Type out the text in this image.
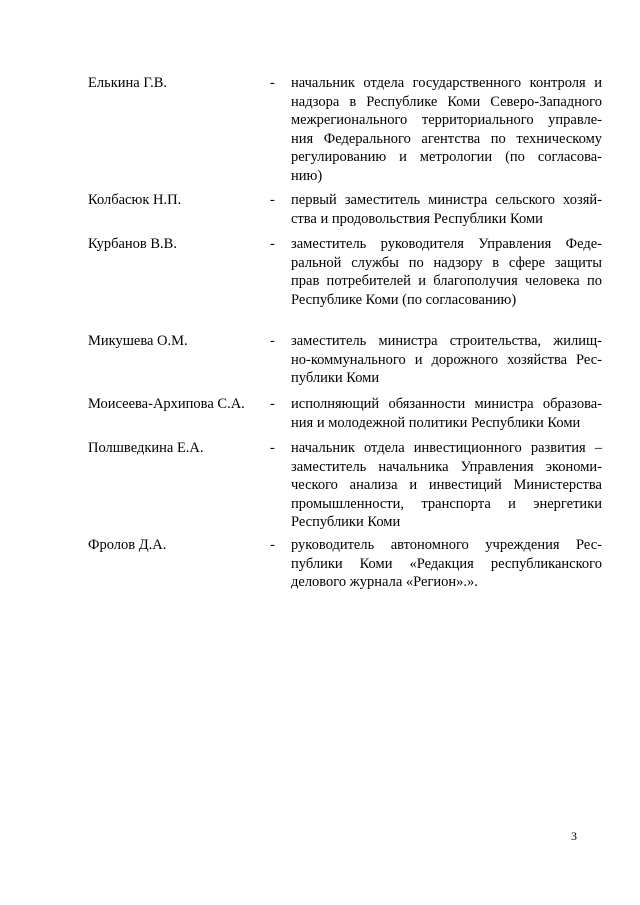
Елькина Г.В.	- начальник отдела государственного контроля и
надзора в Республике Коми Северо-Западного
межрегионального территориального управле-
ния Федерального агентства по техническому
регулированию и метрологии (по согласова-
нию)

Колбасюк Н.П.	- первый заместитель министра сельского хозяй-
ства и продовольствия Республики Коми

Курбанов В.В.	- заместитель руководителя Управления Феде-
ральной службы по надзору в сфере защиты
прав потребителей и благополучия человека по
Республике Коми (по согласованию)

Микушева О.М.	- заместитель министра строительства, жилищ-
но-коммунального и дорожного хозяйства Рес-
публики Коми

Моисеева-Архипова С.А. - исполняющий обязанности министра образова-
ния и молодежной политики Республики Коми

Полшведкина Е.А.	- начальник отдела инвестиционного развития –
заместитель начальника Управления экономи-
ческого анализа и инвестиций Министерства
промышленности, транспорта и энергетики
Республики Коми

Фролов Д.А.	- руководитель автономного учреждения Рес-
публики Коми «Редакция республиканского
делового журнала «Регион».».

3
